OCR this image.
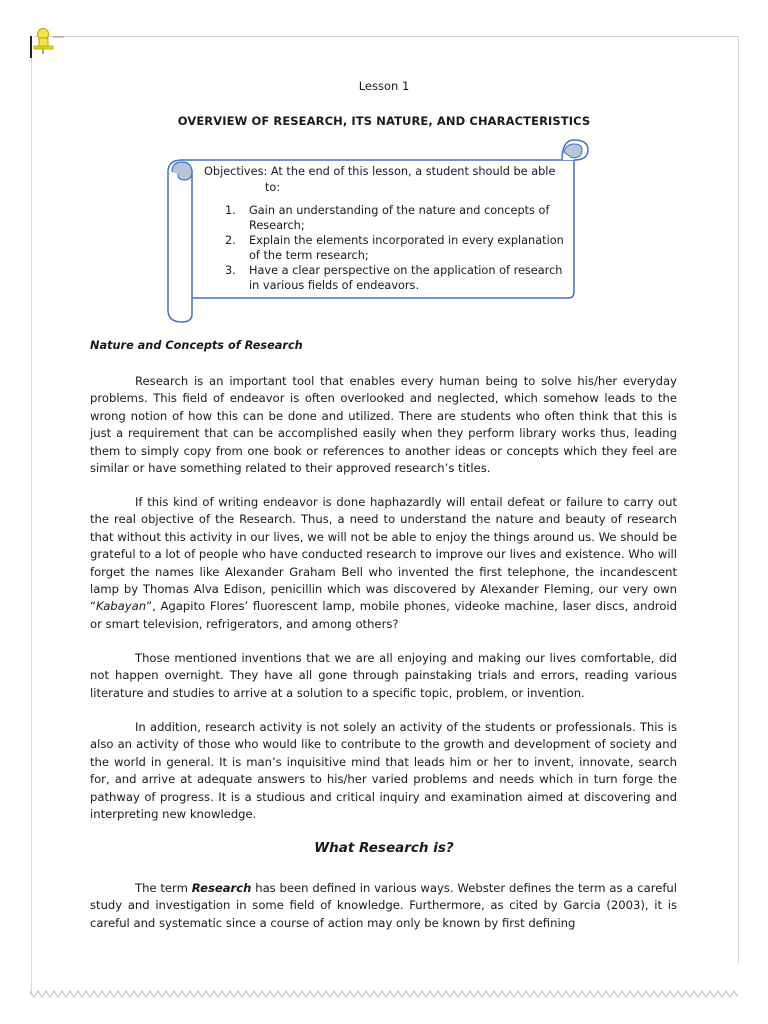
Lesson 1
OVERVIEW OF RESEARCH, ITS NATURE, AND CHARACTERISTICS
Objectives: At the end of this lesson, a student should be able
to:
1. Gain an understanding of the nature and concepts of Research;
2. Explain the elements incorporated in every explanation of the term research;
3. Have a clear perspective on the application of research in various fields of endeavors.
Nature and Concepts of Research

Research is an important tool that enables every human being to solve his/her everyday problems. This field of endeavor is often overlooked and neglected, which somehow leads to the wrong notion of how this can be done and utilized. There are students who often think that this is just a requirement that can be accomplished easily when they perform library works thus, leading them to simply copy from one book or references to another ideas or concepts which they feel are similar or have something related to their approved research’s titles.

If this kind of writing endeavor is done haphazardly will entail defeat or failure to carry out the real objective of the Research. Thus, a need to understand the nature and beauty of research that without this activity in our lives, we will not be able to enjoy the things around us. We should be grateful to a lot of people who have conducted research to improve our lives and existence. Who will forget the names like Alexander Graham Bell who invented the first telephone, the incandescent lamp by Thomas Alva Edison, penicillin which was discovered by Alexander Fleming, our very own “Kabayan”, Agapito Flores’ fluorescent lamp, mobile phones, videoke machine, laser discs, android or smart television, refrigerators, and among others?

Those mentioned inventions that we are all enjoying and making our lives comfortable, did not happen overnight. They have all gone through painstaking trials and errors, reading various literature and studies to arrive at a solution to a specific topic, problem, or invention.

In addition, research activity is not solely an activity of the students or professionals. This is also an activity of those who would like to contribute to the growth and development of society and the world in general. It is man’s inquisitive mind that leads him or her to invent, innovate, search for, and arrive at adequate answers to his/her varied problems and needs which in turn forge the pathway of progress. It is a studious and critical inquiry and examination aimed at discovering and interpreting new knowledge.

What Research is?

The term Research has been defined in various ways. Webster defines the term as a careful study and investigation in some field of knowledge. Furthermore, as cited by Garcia (2003), it is careful and systematic since a course of action may only be known by first defining
